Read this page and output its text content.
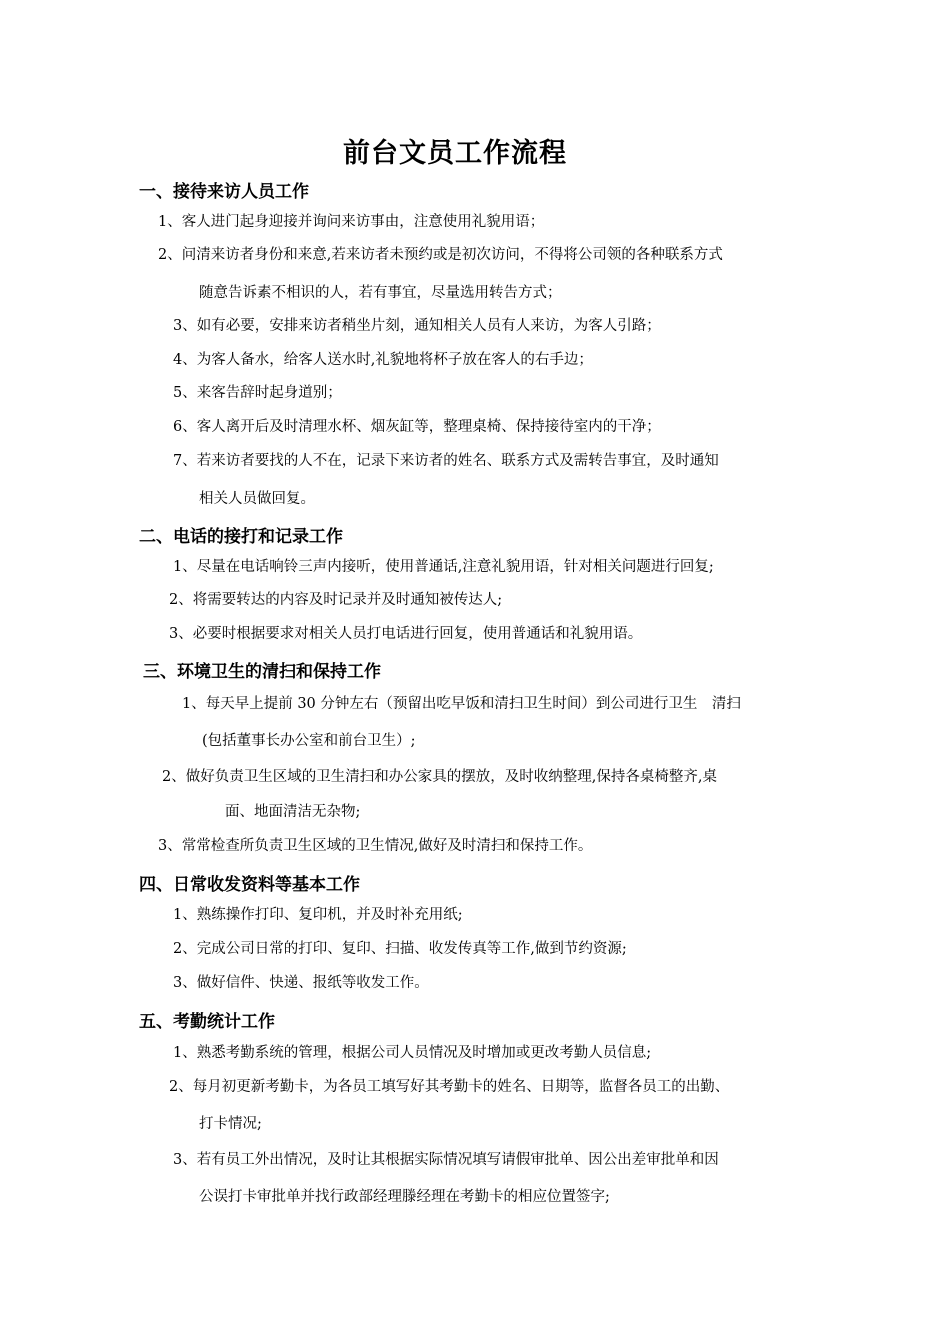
前台文员工作流程
一、接待来访人员工作
1、客人进门起身迎接并询问来访事由，注意使用礼貌用语；
2、问清来访者身份和来意,若来访者未预约或是初次访问，不得将公司领的各种联系方式
随意告诉素不相识的人，若有事宜，尽量选用转告方式；
3、如有必要，安排来访者稍坐片刻，通知相关人员有人来访，为客人引路；
4、为客人备水，给客人送水时,礼貌地将杯子放在客人的右手边；
5、来客告辞时起身道别；
6、客人离开后及时清理水杯、烟灰缸等，整理桌椅、保持接待室内的干净；
7、若来访者要找的人不在，记录下来访者的姓名、联系方式及需转告事宜，及时通知
相关人员做回复。
二、电话的接打和记录工作
1、尽量在电话响铃三声内接听，使用普通话,注意礼貌用语，针对相关问题进行回复;
2、将需要转达的内容及时记录并及时通知被传达人;
3、必要时根据要求对相关人员打电话进行回复，使用普通话和礼貌用语。
三、环境卫生的清扫和保持工作
1、每天早上提前 30 分钟左右（预留出吃早饭和清扫卫生时间）到公司进行卫生　清扫
(包括董事长办公室和前台卫生）;
2、做好负责卫生区域的卫生清扫和办公家具的摆放，及时收纳整理,保持各桌椅整齐,桌
面、地面清洁无杂物;
3、常常检查所负责卫生区域的卫生情况,做好及时清扫和保持工作。
四、日常收发资料等基本工作
1、熟练操作打印、复印机，并及时补充用纸;
2、完成公司日常的打印、复印、扫描、收发传真等工作,做到节约资源;
3、做好信件、快递、报纸等收发工作。
五、考勤统计工作
1、熟悉考勤系统的管理，根据公司人员情况及时增加或更改考勤人员信息;
2、每月初更新考勤卡，为各员工填写好其考勤卡的姓名、日期等，监督各员工的出勤、
打卡情况;
3、若有员工外出情况，及时让其根据实际情况填写请假审批单、因公出差审批单和因
公误打卡审批单并找行政部经理滕经理在考勤卡的相应位置签字;
